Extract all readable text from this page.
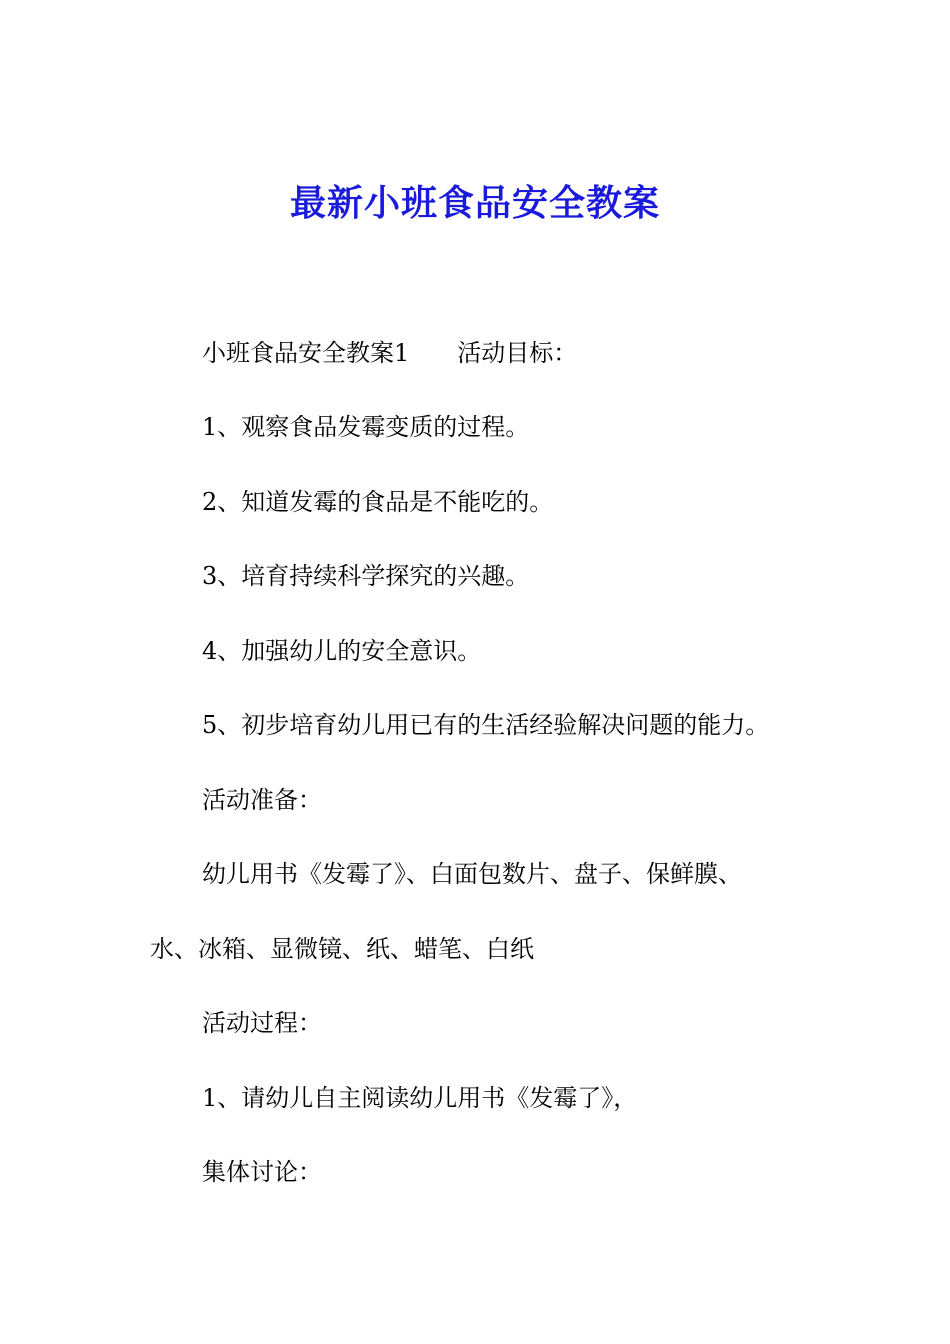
最新小班食品安全教案
小班食品安全教案1 活动目标：
1、观察食品发霉变质的过程。
2、知道发霉的食品是不能吃的。
3、培育持续科学探究的兴趣。
4、加强幼儿的安全意识。
5、初步培育幼儿用已有的生活经验解决问题的能力。
活动准备：
幼儿用书《发霉了》、白面包数片、盘子、保鲜膜、
水、冰箱、显微镜、纸、蜡笔、白纸
活动过程：
1、请幼儿自主阅读幼儿用书《发霉了》，
集体讨论：
